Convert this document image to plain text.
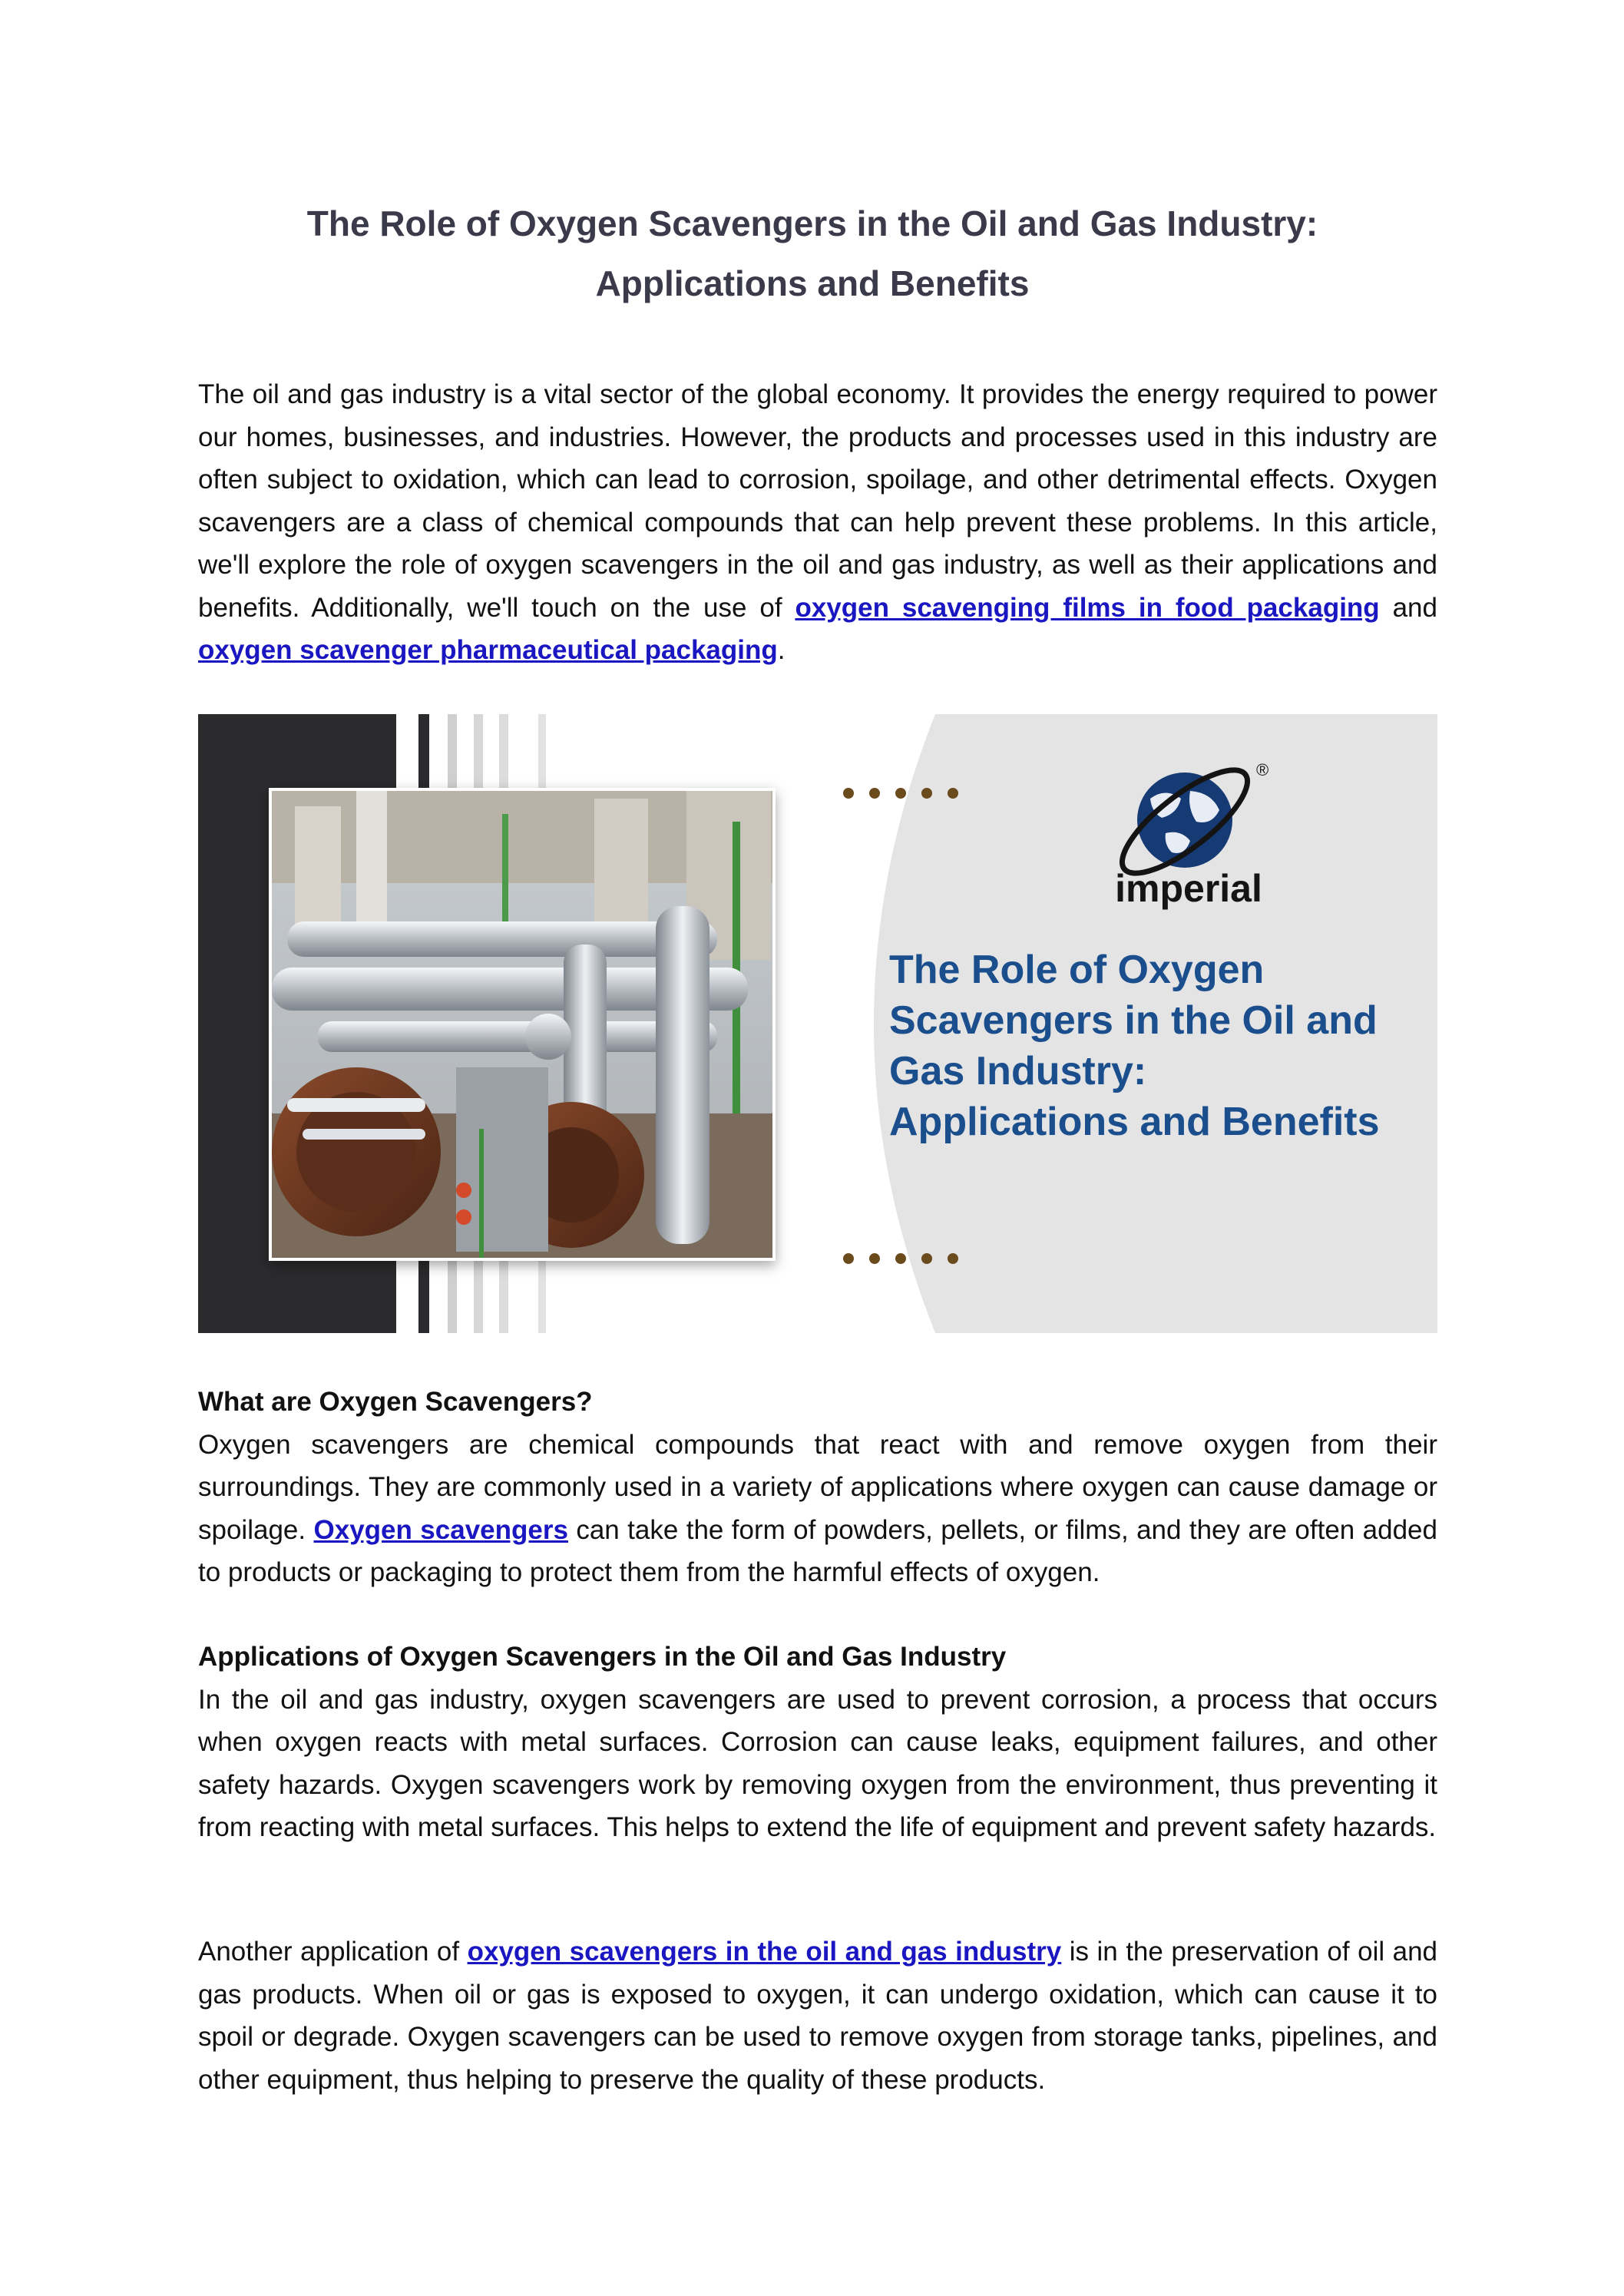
The Role of Oxygen Scavengers in the Oil and Gas Industry:
Applications and Benefits

The oil and gas industry is a vital sector of the global economy. It provides the energy required to power our homes, businesses, and industries. However, the products and processes used in this industry are often subject to oxidation, which can lead to corrosion, spoilage, and other detrimental effects. Oxygen scavengers are a class of chemical compounds that can help prevent these problems. In this article, we'll explore the role of oxygen scavengers in the oil and gas industry, as well as their applications and benefits. Additionally, we'll touch on the use of oxygen scavenging films in food packaging and oxygen scavenger pharmaceutical packaging.

®
imperial
The Role of Oxygen
Scavengers in the Oil and
Gas Industry:
Applications and Benefits

What are Oxygen Scavengers?
Oxygen scavengers are chemical compounds that react with and remove oxygen from their surroundings. They are commonly used in a variety of applications where oxygen can cause damage or spoilage. Oxygen scavengers can take the form of powders, pellets, or films, and they are often added to products or packaging to protect them from the harmful effects of oxygen.

Applications of Oxygen Scavengers in the Oil and Gas Industry
In the oil and gas industry, oxygen scavengers are used to prevent corrosion, a process that occurs when oxygen reacts with metal surfaces. Corrosion can cause leaks, equipment failures, and other safety hazards. Oxygen scavengers work by removing oxygen from the environment, thus preventing it from reacting with metal surfaces. This helps to extend the life of equipment and prevent safety hazards.

Another application of oxygen scavengers in the oil and gas industry is in the preservation of oil and gas products. When oil or gas is exposed to oxygen, it can undergo oxidation, which can cause it to spoil or degrade. Oxygen scavengers can be used to remove oxygen from storage tanks, pipelines, and other equipment, thus helping to preserve the quality of these products.
